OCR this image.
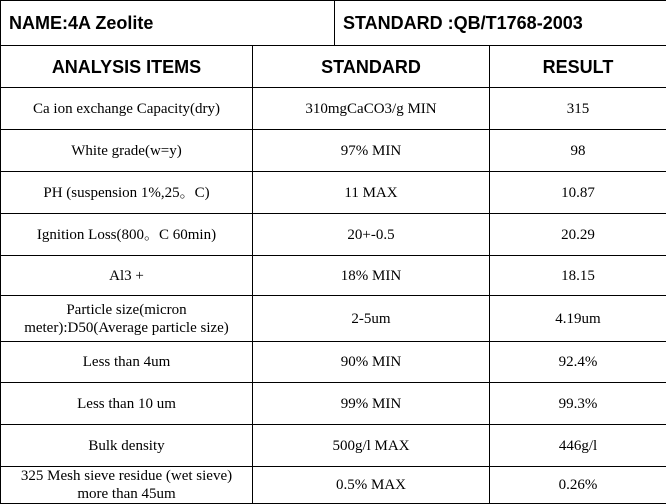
NAME:4A Zeolite STANDARD :QB/T1768-2003		

ANALYSIS ITEMS	STANDARD	RESULT
Ca ion exchange Capacity(dry)	310mgCaCO3/g MIN	315
White grade(w=y)	97% MIN	98
PH (suspension 1%,25。C)	11 MAX	10.87
Ignition Loss(800。C 60min)	20+-0.5	20.29
Al3 +	18% MIN	18.15
Particle size(micron meter):D50(Average particle size)	2-5um	4.19um
Less than 4um	90% MIN	92.4%
Less than 10 um	99% MIN	99.3%
Bulk density	500g/l MAX	446g/l
325 Mesh sieve residue (wet sieve) more than 45um	0.5% MAX	0.26%
